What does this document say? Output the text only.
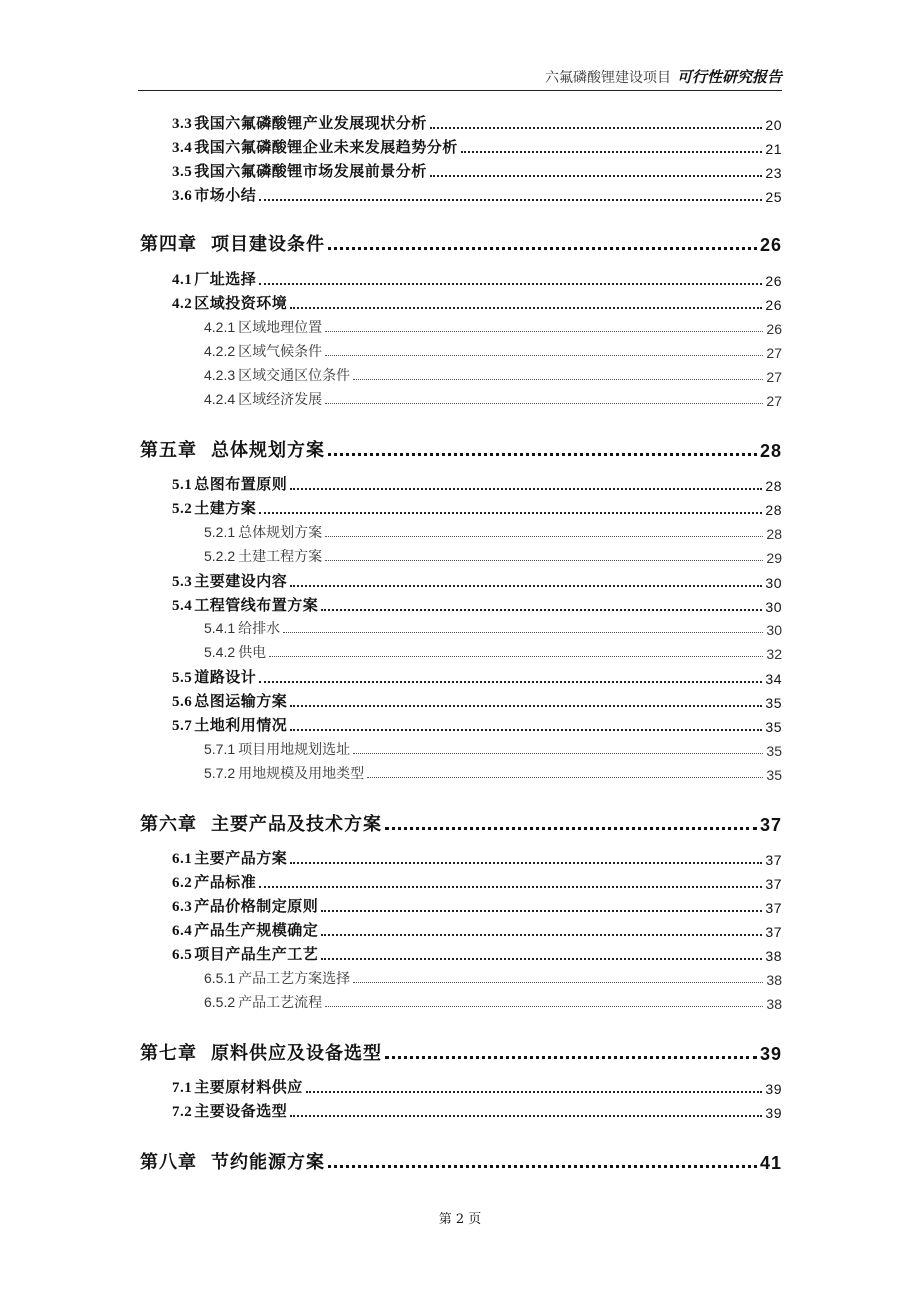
六氟磷酸锂建设项目 可行性研究报告
3.3 我国六氟磷酸锂产业发展现状分析	20
3.4 我国六氟磷酸锂企业未来发展趋势分析	21
3.5 我国六氟磷酸锂市场发展前景分析	23
3.6 市场小结	25
第四章 项目建设条件	26
4.1 厂址选择	26
4.2 区域投资环境	26
4.2.1 区域地理位置	26
4.2.2 区域气候条件	27
4.2.3 区域交通区位条件	27
4.2.4 区域经济发展	27
第五章 总体规划方案	28
5.1 总图布置原则	28
5.2 土建方案	28
5.2.1 总体规划方案	28
5.2.2 土建工程方案	29
5.3 主要建设内容	30
5.4 工程管线布置方案	30
5.4.1 给排水	30
5.4.2 供电	32
5.5 道路设计	34
5.6 总图运输方案	35
5.7 土地利用情况	35
5.7.1 项目用地规划选址	35
5.7.2 用地规模及用地类型	35
第六章 主要产品及技术方案	37
6.1 主要产品方案	37
6.2 产品标准	37
6.3 产品价格制定原则	37
6.4 产品生产规模确定	37
6.5 项目产品生产工艺	38
6.5.1 产品工艺方案选择	38
6.5.2 产品工艺流程	38
第七章 原料供应及设备选型	39
7.1 主要原材料供应	39
7.2 主要设备选型	39
第八章 节约能源方案	41
第 2 页
